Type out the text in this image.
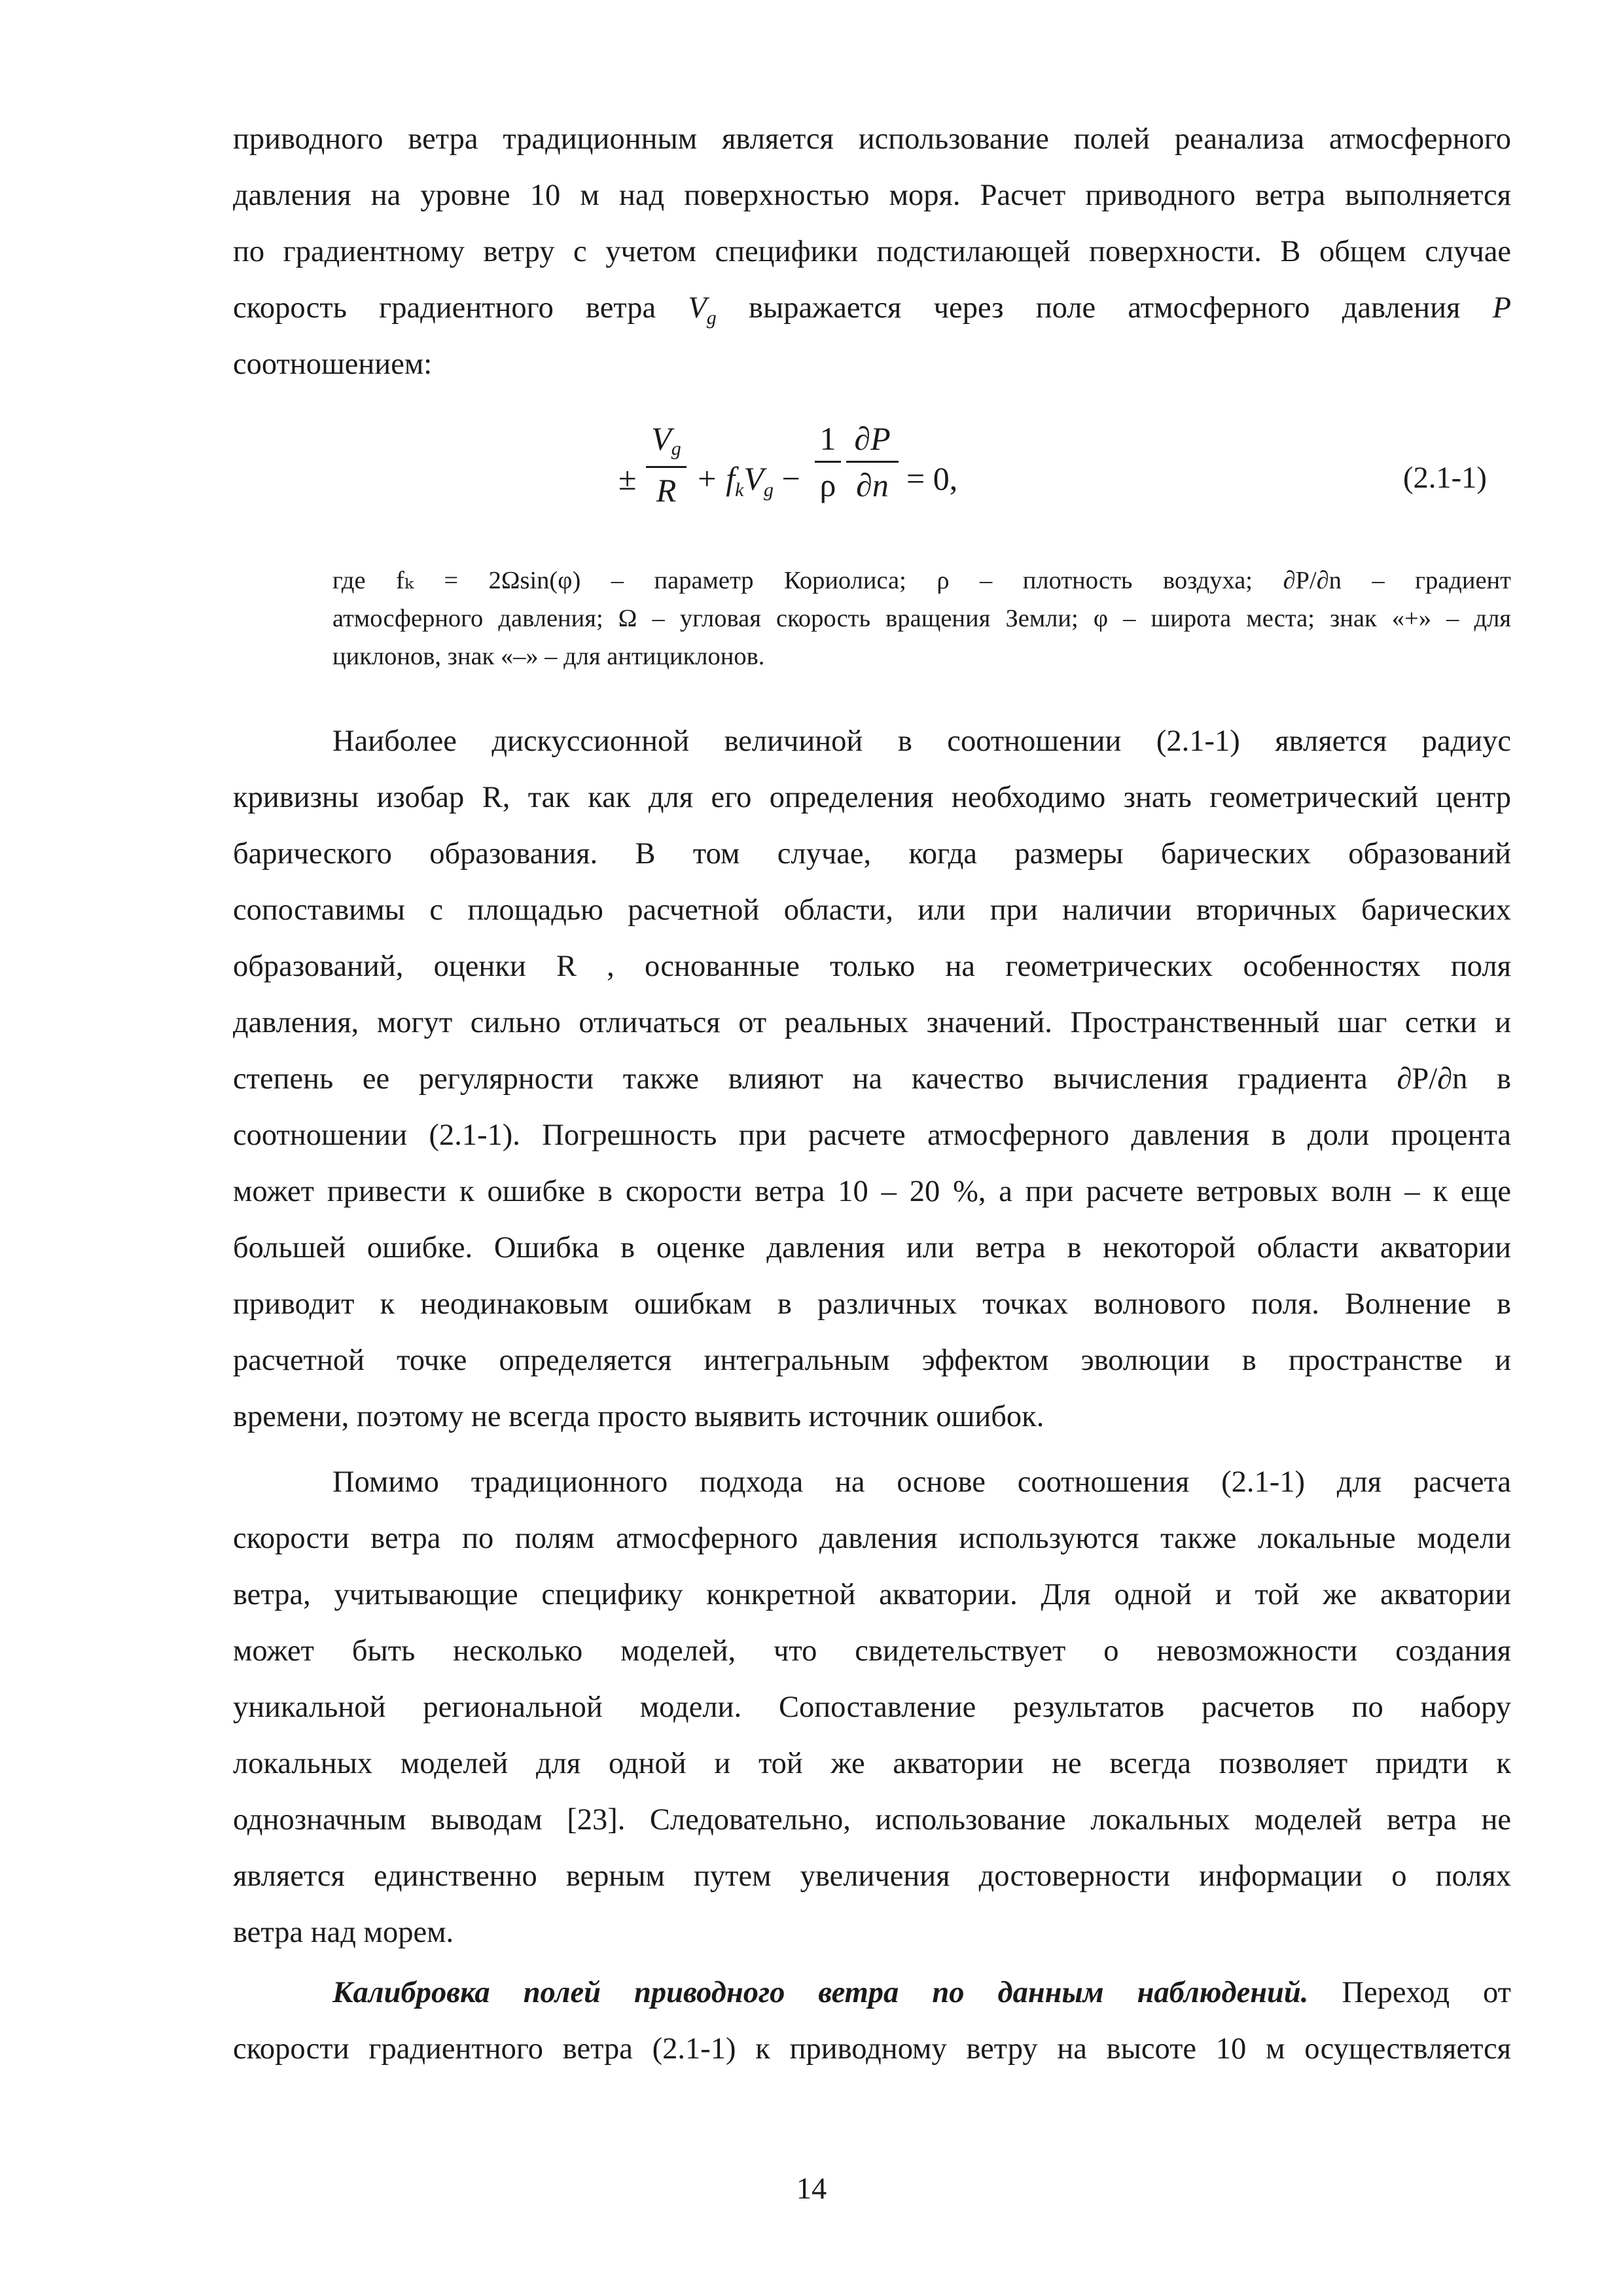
приводного ветра традиционным является использование полей реанализа атмосферного
давления на уровне 10 м над поверхностью моря. Расчет приводного ветра выполняется
по градиентному ветру с учетом специфики подстилающей поверхности. В общем случае
скорость градиентного ветра $V_g$ выражается через поле атмосферного давления P
соотношением:

±
Vg
$R + f_kV_g$ −
1
ρ
∂P
∂n = 0,	(2.1-1)
где fₖ = 2Ωsin(φ) – параметр Кориолиса; ρ – плотность воздуха; ∂P/∂n – градиент
атмосферного давления; Ω – угловая скорость вращения Земли; φ – широта места; знак «+» – для
циклонов, знак «–» – для антициклонов.

Наиболее дискуссионной величиной в соотношении (2.1-1) является радиус
кривизны изобар R, так как для его определения необходимо знать геометрический центр
барического образования. В том случае, когда размеры барических образований
сопоставимы с площадью расчетной области, или при наличии вторичных барических
образований, оценки R , основанные только на геометрических особенностях поля
давления, могут сильно отличаться от реальных значений. Пространственный шаг сетки и
степень ее регулярности также влияют на качество вычисления градиента ∂P/∂n в
соотношении (2.1-1). Погрешность при расчете атмосферного давления в доли процента
может привести к ошибке в скорости ветра 10 – 20 %, а при расчете ветровых волн – к еще
большей ошибке. Ошибка в оценке давления или ветра в некоторой области акватории
приводит к неодинаковым ошибкам в различных точках волнового поля. Волнение в
расчетной точке определяется интегральным эффектом эволюции в пространстве и
времени, поэтому не всегда просто выявить источник ошибок.

Помимо традиционного подхода на основе соотношения (2.1-1) для расчета
скорости ветра по полям атмосферного давления используются также локальные модели
ветра, учитывающие специфику конкретной акватории. Для одной и той же акватории
может быть несколько моделей, что свидетельствует о невозможности создания
уникальной региональной модели. Сопоставление результатов расчетов по набору
локальных моделей для одной и той же акватории не всегда позволяет придти к
однозначным выводам [23]. Следовательно, использование локальных моделей ветра не
является единственно верным путем увеличения достоверности информации о полях
ветра над морем.

Калибровка полей приводного ветра по данным наблюдений. Переход от
скорости градиентного ветра (2.1-1) к приводному ветру на высоте 10 м осуществляется

14
